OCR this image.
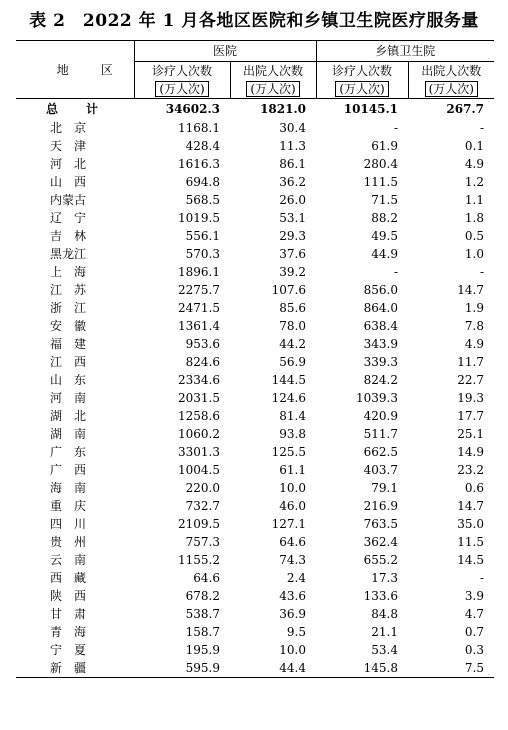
表 2　2022 年 1 月各地区医院和乡镇卫生院医疗服务量
地　区	医院		乡镇卫生院	
	诊疗人次数	出院人次数	诊疗人次数	出院人次数
	(万人次)	(万人次)	(万人次)	(万人次)
总　计	34602.3	1821.0	10145.1	267.7
北　京	1168.1	30.4	-	-
天　津	428.4	11.3	61.9	0.1
河　北	1616.3	86.1	280.4	4.9
山　西	694.8	36.2	111.5	1.2
内蒙古	568.5	26.0	71.5	1.1
辽　宁	1019.5	53.1	88.2	1.8
吉　林	556.1	29.3	49.5	0.5
黑龙江	570.3	37.6	44.9	1.0
上　海	1896.1	39.2	-	-
江　苏	2275.7	107.6	856.0	14.7
浙　江	2471.5	85.6	864.0	1.9
安　徽	1361.4	78.0	638.4	7.8
福　建	953.6	44.2	343.9	4.9
江　西	824.6	56.9	339.3	11.7
山　东	2334.6	144.5	824.2	22.7
河　南	2031.5	124.6	1039.3	19.3
湖　北	1258.6	81.4	420.9	17.7
湖　南	1060.2	93.8	511.7	25.1
广　东	3301.3	125.5	662.5	14.9
广　西	1004.5	61.1	403.7	23.2
海　南	220.0	10.0	79.1	0.6
重　庆	732.7	46.0	216.9	14.7
四　川	2109.5	127.1	763.5	35.0
贵　州	757.3	64.6	362.4	11.5
云　南	1155.2	74.3	655.2	14.5
西　藏	64.6	2.4	17.3	-
陕　西	678.2	43.6	133.6	3.9
甘　肃	538.7	36.9	84.8	4.7
青　海	158.7	9.5	21.1	0.7
宁　夏	195.9	10.0	53.4	0.3
新　疆	595.9	44.4	145.8	7.5
